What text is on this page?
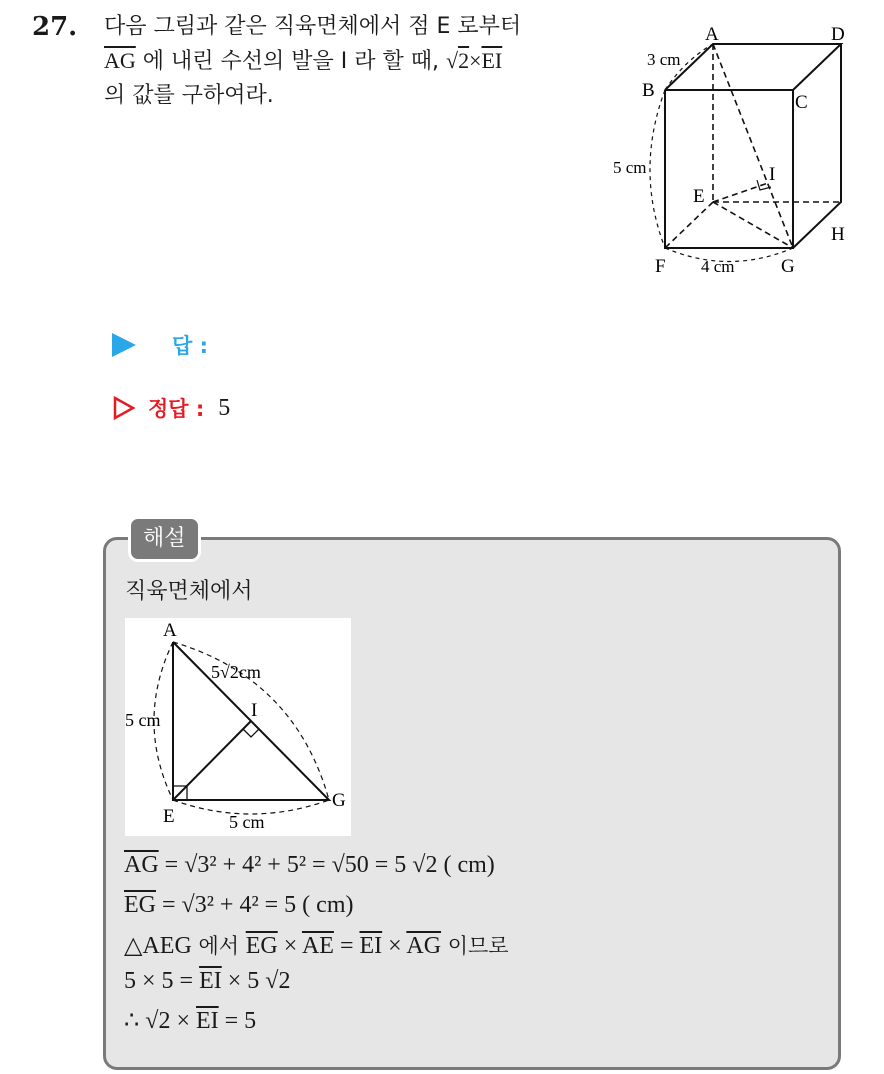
27. 다음 그림과 같은 직육면체에서 점 E 로부터
$\overline{AG}$ 에 내린 수선의 발을 I 라 할 때, $√2\times\overline{EI}$
의 값를 구하여라.
A	D
B
C
E
I
H
F	G
3 cm
5 cm
4 cm
답 :
정답 : 5
해설
직육면체에서
A
E
G
I
5√2cm
5 cm
5 cm
$\overline{AG} = √3^2 + 4^2 + 5^2 = √50 = 5$ √2 ( cm)
$\overline{EG} = √3^2 + 4^2 = 5$ ( cm)
△AEG 에서 $\overline{EG} \times \overline{AE} = \overline{EI} \times \overline{AG}$ 이므로
$5 \times 5 = \overline{EI} \times 5$ √2
∴ $√2 \times \overline{EI} = 5$
